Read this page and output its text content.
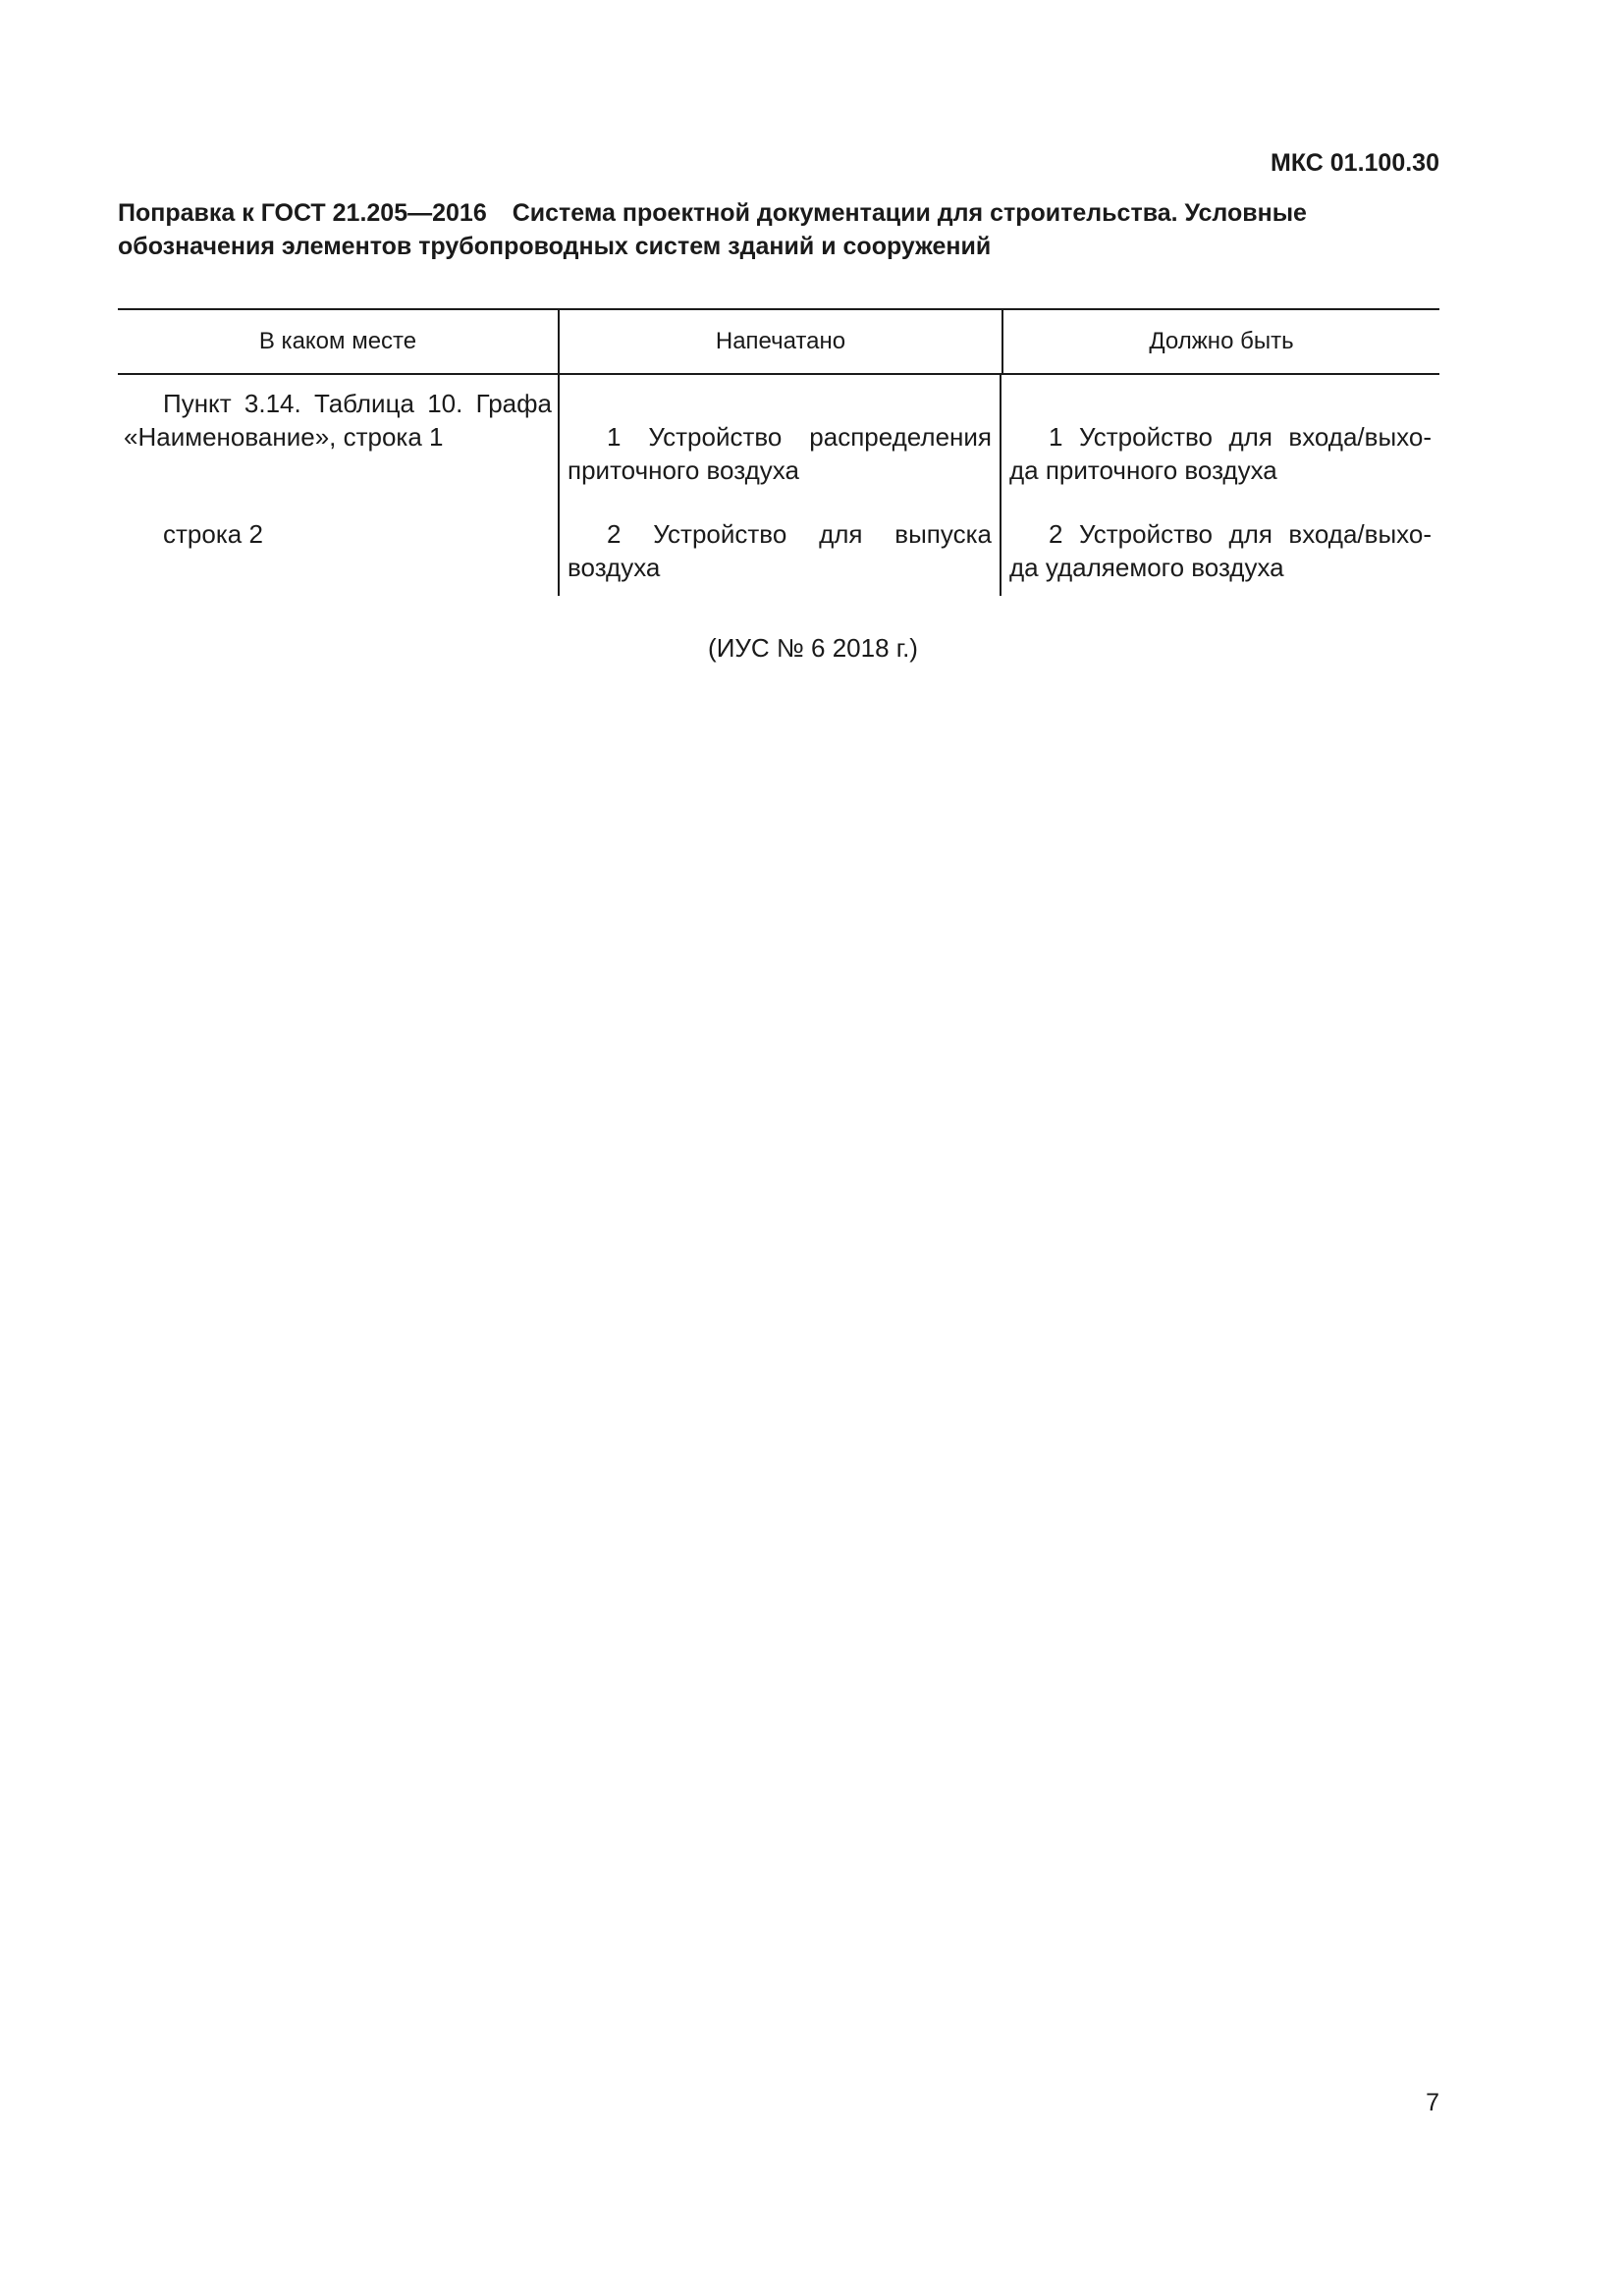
МКС 01.100.30

Поправка к ГОСТ 21.205—2016 Система проектной документации для строительства. Условные обозначения элементов трубопроводных систем зданий и сооружений

В каком месте	Напечатано	Должно быть

Пункт 3.14. Таблица 10. Графа «Наименование», строка 1

строка 2

1 Устройство распределения приточного воздуха

2 Устройство для выпуска воздуха

1 Устройство для входа/выхо-да приточного воздуха

2 Устройство для входа/выхо-да удаляемого воздуха

(ИУС № 6 2018 г.)
7
